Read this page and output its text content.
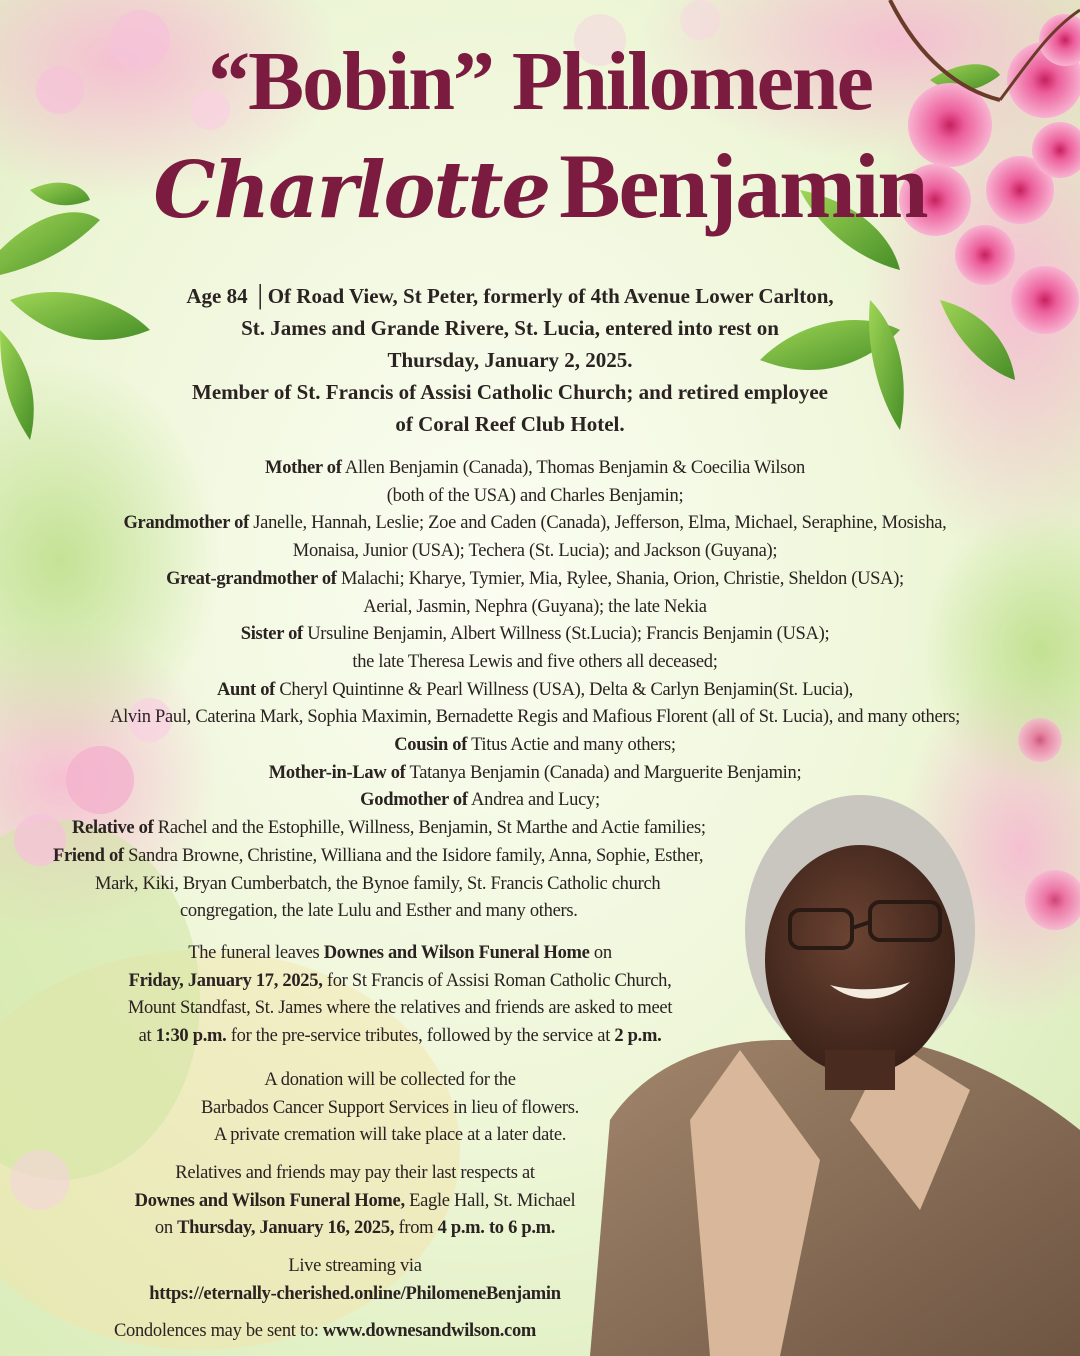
“Bobin” Philomene
Charlotte Benjamin
Age 84 │Of Road View, St Peter, formerly of 4th Avenue Lower Carlton,
St. James and Grande Rivere, St. Lucia, entered into rest on
Thursday, January 2, 2025.
Member of St. Francis of Assisi Catholic Church; and retired employee
of Coral Reef Club Hotel.
Mother of Allen Benjamin (Canada), Thomas Benjamin & Coecilia Wilson
(both of the USA) and Charles Benjamin;
Grandmother of Janelle, Hannah, Leslie; Zoe and Caden (Canada), Jefferson, Elma, Michael, Seraphine, Mosisha,
Monaisa, Junior (USA); Techera (St. Lucia); and Jackson (Guyana);
Great-grandmother of Malachi; Kharye, Tymier, Mia, Rylee, Shania, Orion, Christie, Sheldon (USA);
Aerial, Jasmin, Nephra (Guyana); the late Nekia
Sister of Ursuline Benjamin, Albert Willness (St.Lucia); Francis Benjamin (USA);
the late Theresa Lewis and five others all deceased;
Aunt of Cheryl Quintinne & Pearl Willness (USA), Delta & Carlyn Benjamin(St. Lucia),
Alvin Paul, Caterina Mark, Sophia Maximin, Bernadette Regis and Mafious Florent (all of St. Lucia), and many others;
Cousin of Titus Actie and many others;
Mother-in-Law of Tatanya Benjamin (Canada) and Marguerite Benjamin;
Godmother of Andrea and Lucy;
Relative of Rachel and the Estophille, Willness, Benjamin, St Marthe and Actie families;
Friend of Sandra Browne, Christine, Williana and the Isidore family, Anna, Sophie, Esther,
Mark, Kiki, Bryan Cumberbatch, the Bynoe family, St. Francis Catholic church
congregation, the late Lulu and Esther and many others.
The funeral leaves Downes and Wilson Funeral Home on
Friday, January 17, 2025, for St Francis of Assisi Roman Catholic Church,
Mount Standfast, St. James where the relatives and friends are asked to meet
at 1:30 p.m. for the pre-service tributes, followed by the service at 2 p.m.
A donation will be collected for the
Barbados Cancer Support Services in lieu of flowers.
A private cremation will take place at a later date.
Relatives and friends may pay their last respects at
Downes and Wilson Funeral Home, Eagle Hall, St. Michael
on Thursday, January 16, 2025, from 4 p.m. to 6 p.m.
Live streaming via
https://eternally-cherished.online/PhilomeneBenjamin
Condolences may be sent to: www.downesandwilson.com
